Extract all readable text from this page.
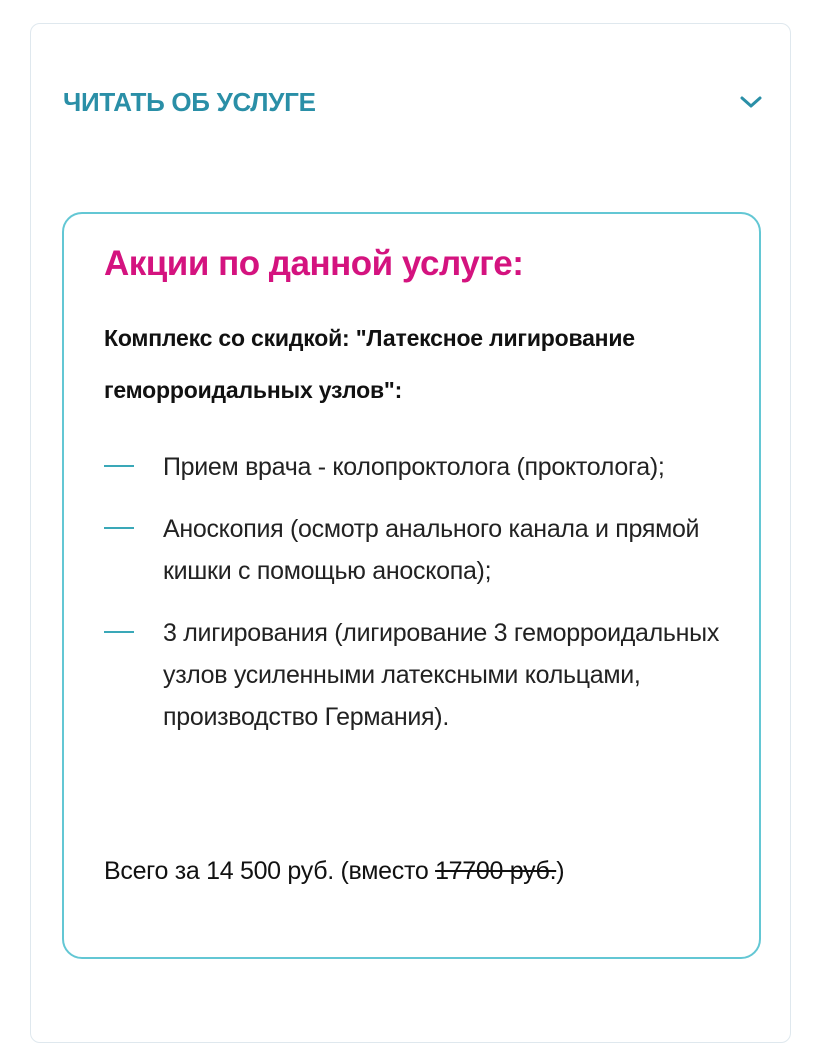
ЧИТАТЬ ОБ УСЛУГЕ
Акции по данной услуге:

Комплекс со скидкой: "Латексное лигирование геморроидальных узлов":

Прием врача - колопроктолога (проктолога);
Аноскопия (осмотр анального канала и прямой кишки с помощью аноскопа);
3 лигирования (лигирование 3 геморроидальных узлов усиленными латексными кольцами, производство Германия).

Всего за 14 500 руб. (вместо 17700 руб.)
